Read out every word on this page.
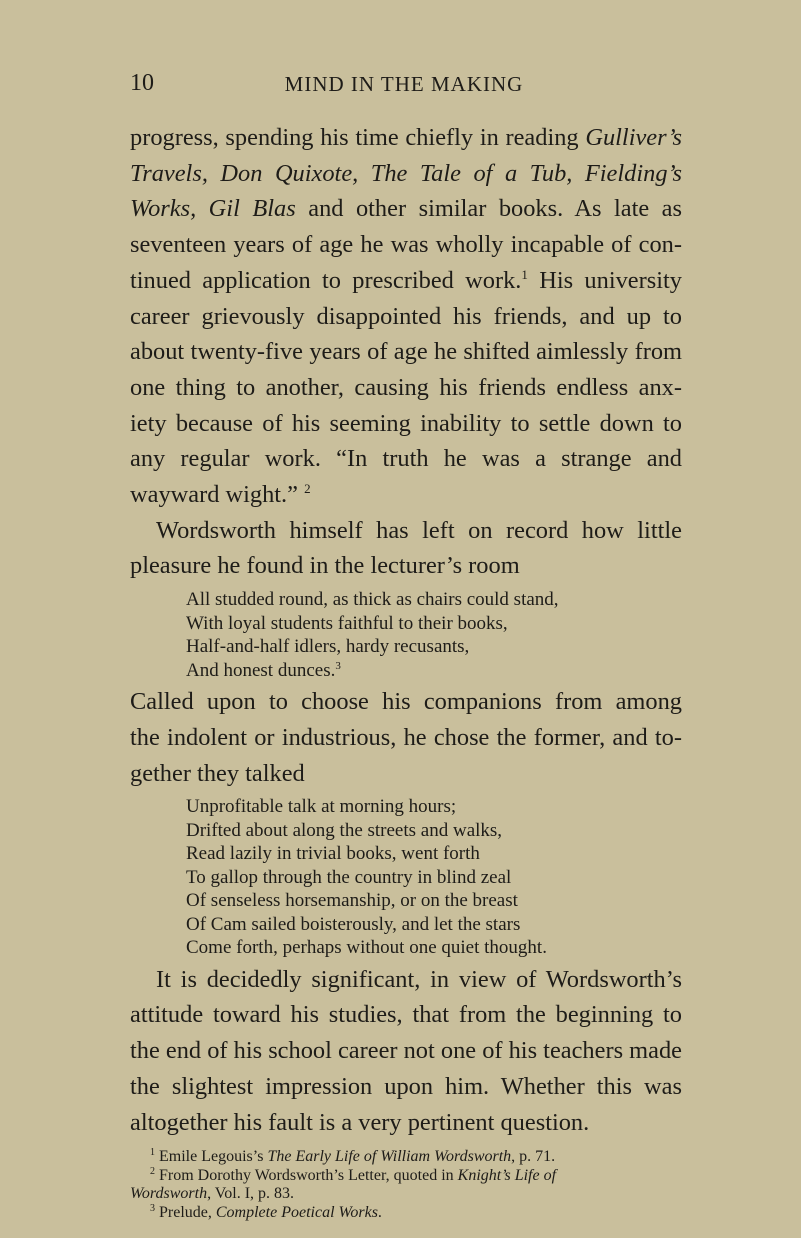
10	MIND IN THE MAKING

progress, spending his time chiefly in reading Gulliver’s
Travels, Don Quixote, The Tale of a Tub, Fielding’s
Works, Gil Blas and other similar books. As late as
seventeen years of age he was wholly incapable of con-
tinued application to prescribed work.$^1$ His university
career grievously disappointed his friends, and up to
about twenty-five years of age he shifted aimlessly from
one thing to another, causing his friends endless anx-
iety because of his seeming inability to settle down to
any regular work. “In truth he was a strange and
wayward wight.” $^2$

Wordsworth himself has left on record how little
pleasure he found in the lecturer’s room

All studded round, as thick as chairs could stand,
With loyal students faithful to their books,
Half-and-half idlers, hardy recusants,
And honest dunces.$^3$

Called upon to choose his companions from among
the indolent or industrious, he chose the former, and to-
gether they talked

Unprofitable talk at morning hours;
Drifted about along the streets and walks,
Read lazily in trivial books, went forth
To gallop through the country in blind zeal
Of senseless horsemanship, or on the breast
Of Cam sailed boisterously, and let the stars
Come forth, perhaps without one quiet thought.

It is decidedly significant, in view of Wordsworth’s
attitude toward his studies, that from the beginning to
the end of his school career not one of his teachers made
the slightest impression upon him. Whether this was
altogether his fault is a very pertinent question.

$^1$ Emile Legouis’s The Early Life of William Wordsworth, p. 71.
$^2$ From Dorothy Wordsworth’s Letter, quoted in Knight’s Life of
Wordsworth, Vol. I, p. 83.
$^3$ Prelude, Complete Poetical Works.
